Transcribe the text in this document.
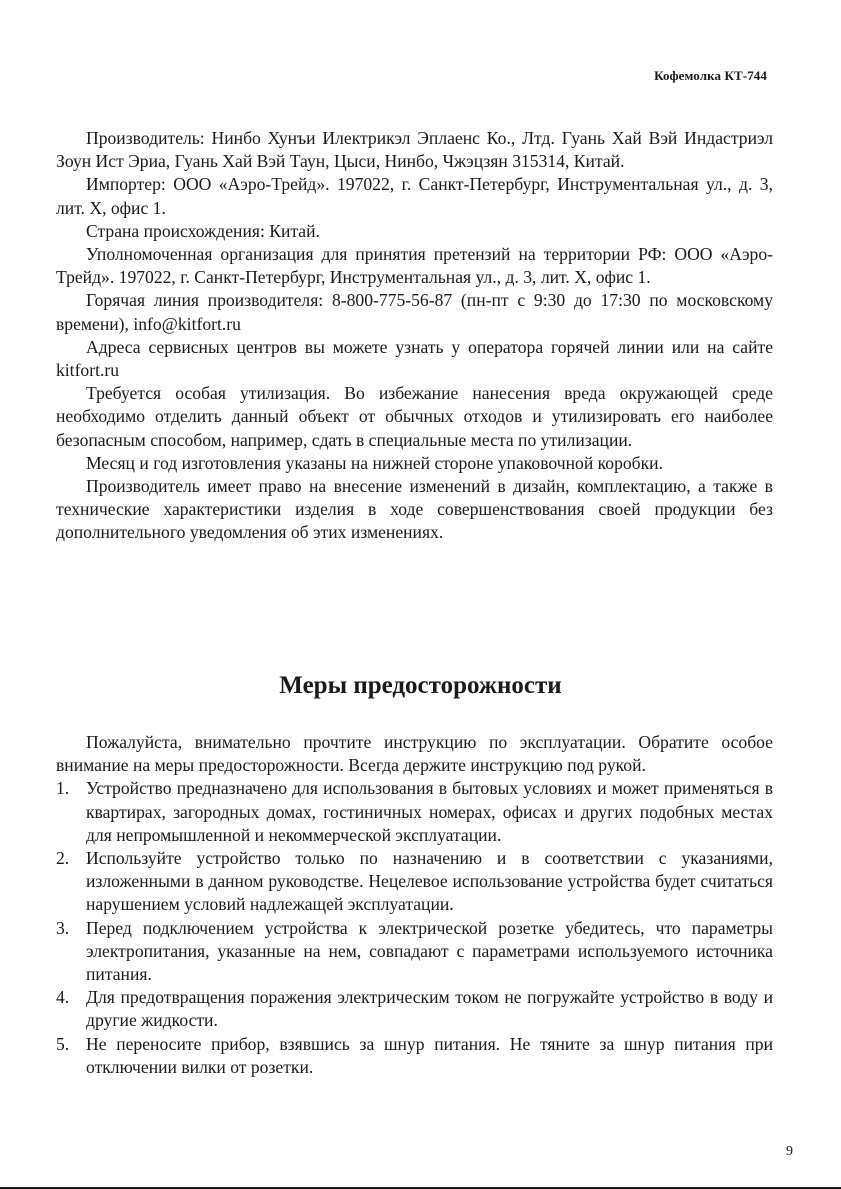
Кофемолка КТ-744

Производитель: Нинбо Хунъи Илектрикэл Эплаенс Ко., Лтд. Гуань Хай Вэй Индастриэл Зоун Ист Эриа, Гуань Хай Вэй Таун, Цыси, Нинбо, Чжэцзян 315314, Китай.

Импортер: ООО «Аэро-Трейд». 197022, г. Санкт-Петербург, Инструментальная ул., д. 3, лит. Х, офис 1.

Страна происхождения: Китай.

Уполномоченная организация для принятия претензий на территории РФ: ООО «Аэро-Трейд». 197022, г. Санкт-Петербург, Инструментальная ул., д. 3, лит. Х, офис 1.

Горячая линия производителя: 8-800-775-56-87 (пн-пт с 9:30 до 17:30 по московскому времени), info@kitfort.ru

Адреса сервисных центров вы можете узнать у оператора горячей линии или на сайте kitfort.ru

Требуется особая утилизация. Во избежание нанесения вреда окружающей среде необходимо отделить данный объект от обычных отходов и утилизировать его наиболее безопасным способом, например, сдать в специальные места по утилизации.

Месяц и год изготовления указаны на нижней стороне упаковочной коробки.

Производитель имеет право на внесение изменений в дизайн, комплектацию, а также в технические характеристики изделия в ходе совершенствования своей продукции без дополнительного уведомления об этих изменениях.

Меры предосторожности

Пожалуйста, внимательно прочтите инструкцию по эксплуатации. Обратите особое внимание на меры предосторожности. Всегда держите инструкцию под рукой.

1. Устройство предназначено для использования в бытовых условиях и может применяться в квартирах, загородных домах, гостиничных номерах, офисах и других подобных местах для непромышленной и некоммерческой эксплуатации.
2. Используйте устройство только по назначению и в соответствии с указаниями, изложенными в данном руководстве. Нецелевое использование устройства будет считаться нарушением условий надлежащей эксплуатации.
3. Перед подключением устройства к электрической розетке убедитесь, что параметры электропитания, указанные на нем, совпадают с параметрами используемого источника питания.
4. Для предотвращения поражения электрическим током не погружайте устройство в воду и другие жидкости.
5. Не переносите прибор, взявшись за шнур питания. Не тяните за шнур питания при отключении вилки от розетки.
9
